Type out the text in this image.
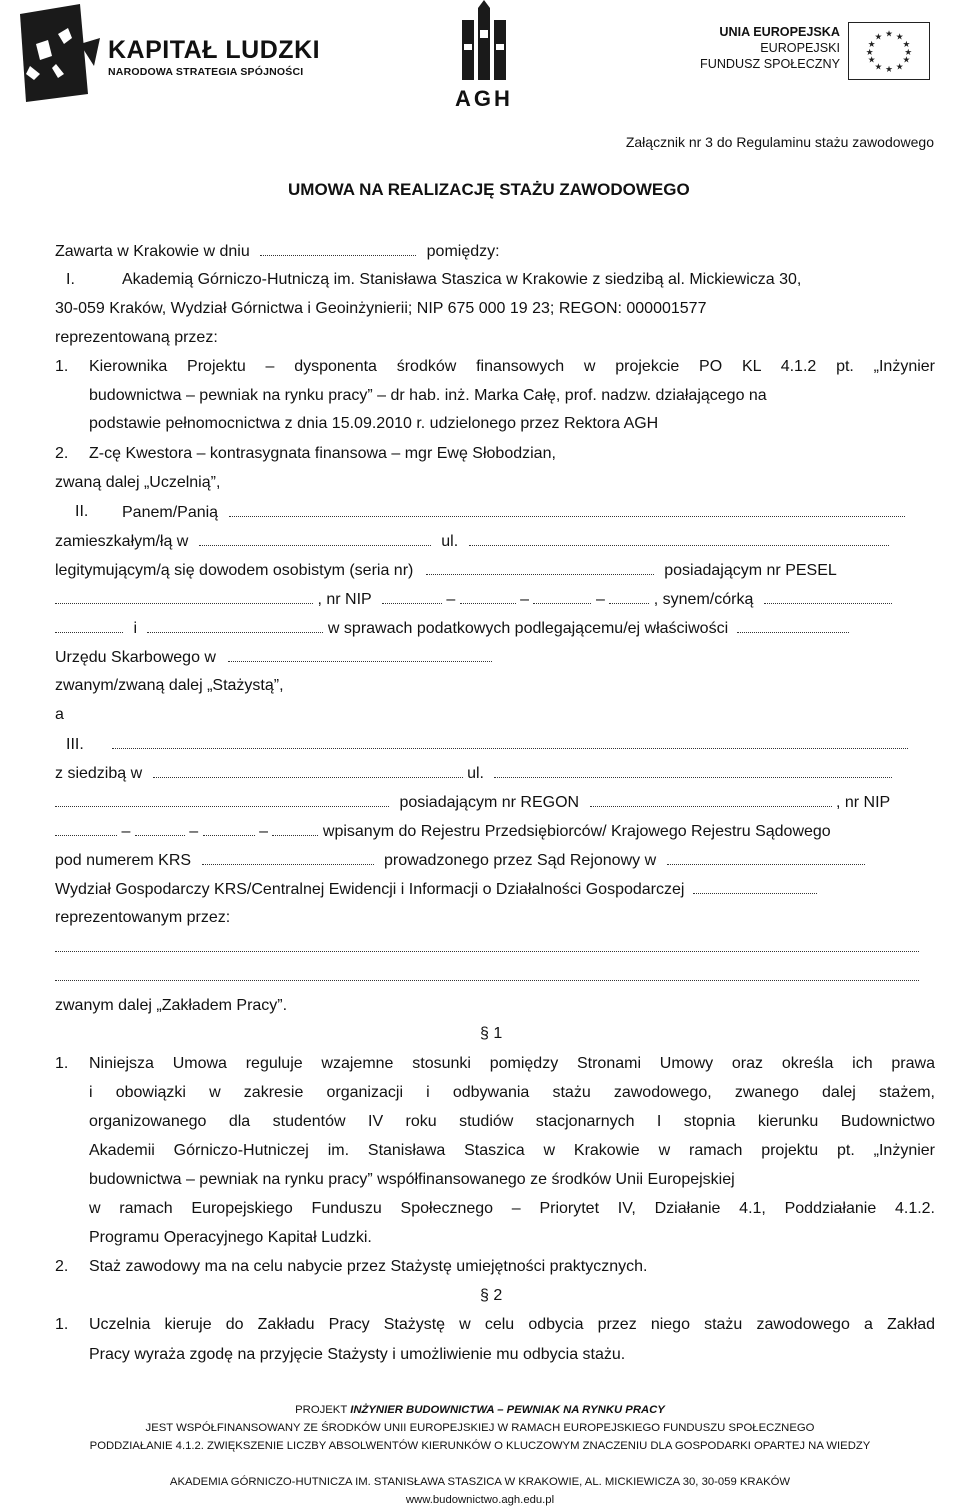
KAPITAŁ LUDZKI
NARODOWA STRATEGIA SPÓJNOŚCI
AGH
UNIA EUROPEJSKA
EUROPEJSKI
FUNDUSZ SPOŁECZNY
★ ★
★
★
★
★
★
★
★
★
★
★
Załącznik nr 3 do Regulaminu stażu zawodowego
UMOWA NA REALIZACJĘ STAŻU ZAWODOWEGO
Zawarta w Krakowie w dniu	pomiędzy:
I.	Akademią Górniczo-Hutniczą im. Stanisława Staszica w Krakowie z siedzibą al. Mickiewicza 30,
30-059 Kraków, Wydział Górnictwa i Geoinżynierii; NIP 675 000 19 23; REGON: 000001577
reprezentowaną przez:
1. Kierownika Projektu – dysponenta środków finansowych w projekcie PO KL 4.1.2 pt. „Inżynier
budownictwa – pewniak na rynku pracy” – dr hab. inż. Marka Całę, prof. nadzw. działającego na
podstawie pełnomocnictwa z dnia 15.09.2010 r. udzielonego przez Rektora AGH
2. Z-cę Kwestora – kontrasygnata finansowa – mgr Ewę Słobodzian,
zwaną dalej „Uczelnią”,
II. Panem/Panią
zamieszkałym/łą w	ul.
legitymującym/ą się dowodem osobistym (seria nr)	posiadającym nr PESEL
, nr NIP	–	–	–	, synem/córką
i	w sprawach podatkowych podlegającemu/ej właściwości
Urzędu Skarbowego w
zwanym/zwaną dalej „Stażystą”,
a
III.
z siedzibą w	ul.
posiadającym nr REGON	, nr NIP
–	–	–	wpisanym do Rejestru Przedsiębiorców/ Krajowego Rejestru Sądowego
pod numerem KRS	prowadzonego przez Sąd Rejonowy w
Wydział Gospodarczy KRS/Centralnej Ewidencji i Informacji o Działalności Gospodarczej
reprezentowanym przez:
zwanym dalej „Zakładem Pracy”.
§ 1
1. Niniejsza Umowa reguluje wzajemne stosunki pomiędzy Stronami Umowy oraz określa ich prawa
i obowiązki w zakresie organizacji i odbywania stażu zawodowego, zwanego dalej stażem,
organizowanego dla studentów IV roku studiów stacjonarnych I stopnia kierunku Budownictwo
Akademii Górniczo-Hutniczej im. Stanisława Staszica w Krakowie w ramach projektu pt. „Inżynier
budownictwa – pewniak na rynku pracy” współfinansowanego ze środków Unii Europejskiej
w ramach Europejskiego Funduszu Społecznego – Priorytet IV, Działanie 4.1, Poddziałanie 4.1.2.
Programu Operacyjnego Kapitał Ludzki.
2. Staż zawodowy ma na celu nabycie przez Stażystę umiejętności praktycznych.
§ 2
1. Uczelnia kieruje do Zakładu Pracy Stażystę w celu odbycia przez niego stażu zawodowego a Zakład
Pracy wyraża zgodę na przyjęcie Stażysty i umożliwienie mu odbycia stażu.
PROJEKT INŻYNIER BUDOWNICTWA – PEWNIAK NA RYNKU PRACY
JEST WSPÓŁFINANSOWANY ZE ŚRODKÓW UNII EUROPEJSKIEJ W RAMACH EUROPEJSKIEGO FUNDUSZU SPOŁECZNEGO
PODDZIAŁANIE 4.1.2. ZWIĘKSZENIE LICZBY ABSOLWENTÓW KIERUNKÓW O KLUCZOWYM ZNACZENIU DLA GOSPODARKI OPARTEJ NA WIEDZY
AKADEMIA GÓRNICZO-HUTNICZA IM. STANISŁAWA STASZICA W KRAKOWIE, AL. MICKIEWICZA 30, 30-059 KRAKÓW
www.budownictwo.agh.edu.pl
